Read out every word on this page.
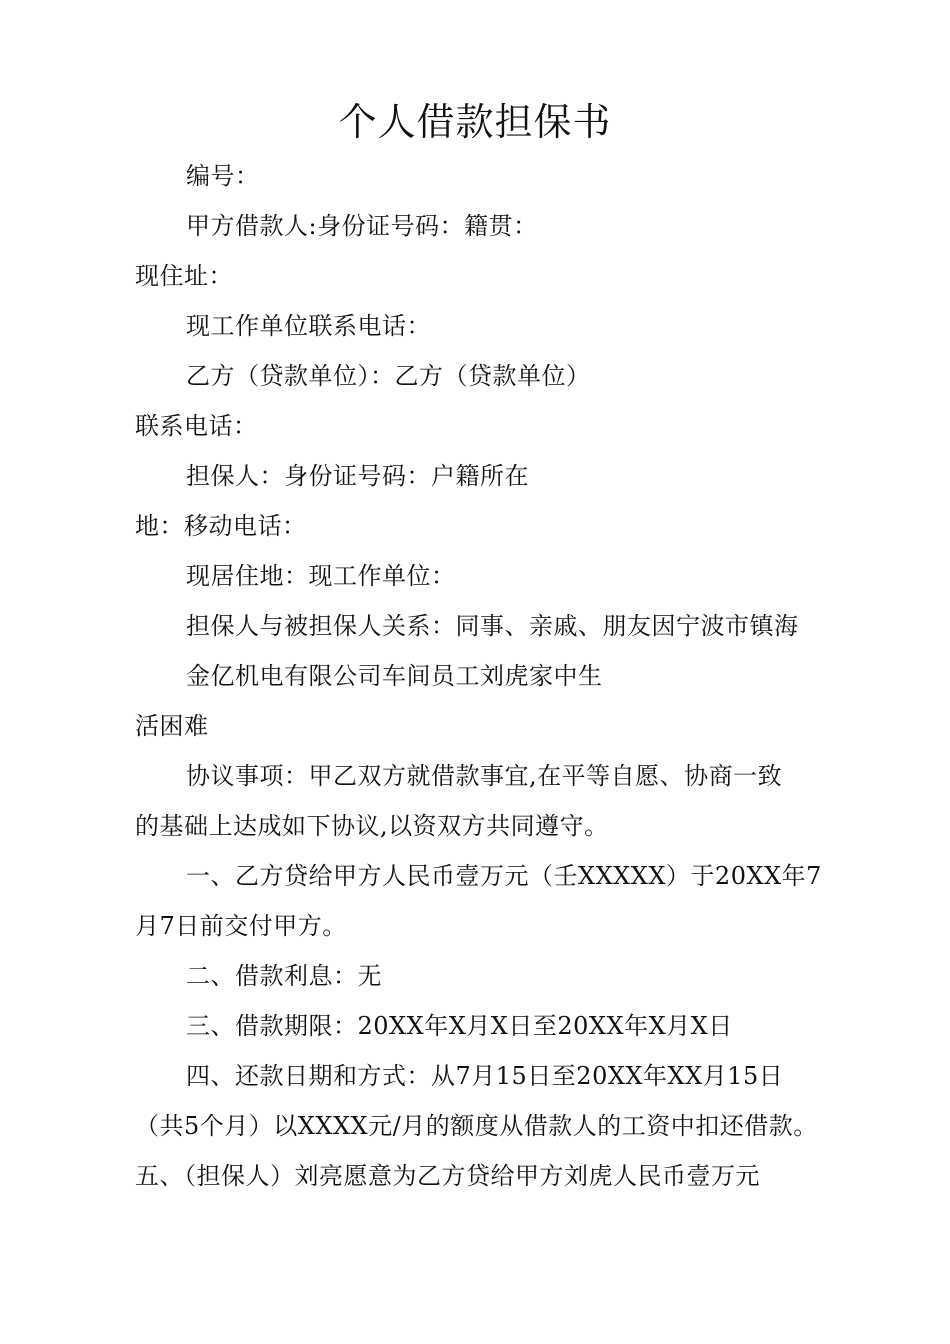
个人借款担保书
编号：
甲方借款人:身份证号码：籍贯：
现住址：
现工作单位联系电话：
乙方（贷款单位）：乙方（贷款单位）
联系电话：
担保人：身份证号码：户籍所在
地：移动电话：
现居住地：现工作单位：
担保人与被担保人关系：同事、亲戚、朋友因宁波市镇海
金亿机电有限公司车间员工刘虎家中生
活困难
协议事项：甲乙双方就借款事宜,在平等自愿、协商一致
的基础上达成如下协议,以资双方共同遵守。
一、乙方贷给甲方人民币壹万元（壬XXXXX）于20XX年7
月7日前交付甲方。
二、借款利息：无
三、借款期限：20XX年X月X日至20XX年X月X日
四、还款日期和方式：从7月15日至20XX年XX月15日
（共5个月）以XXXX元/月的额度从借款人的工资中扣还借款。
五、（担保人）刘亮愿意为乙方贷给甲方刘虎人民币壹万元
